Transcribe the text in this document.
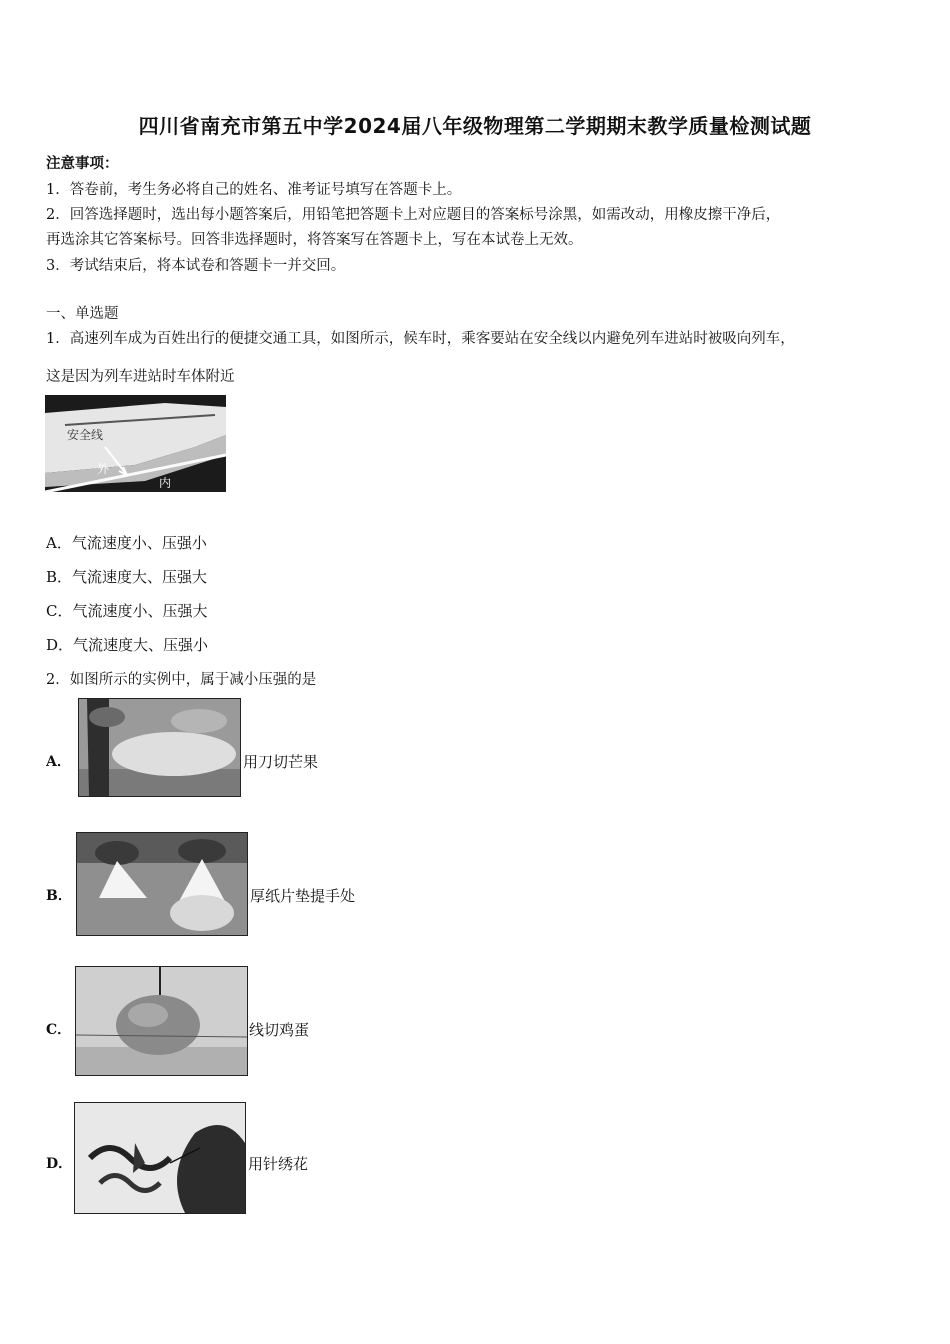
四川省南充市第五中学2024届八年级物理第二学期期末教学质量检测试题
注意事项：
1．答卷前，考生务必将自己的姓名、准考证号填写在答题卡上。
2．回答选择题时，选出每小题答案后，用铅笔把答题卡上对应题目的答案标号涂黑，如需改动，用橡皮擦干净后，
再选涂其它答案标号。回答非选择题时，将答案写在答题卡上，写在本试卷上无效。
3．考试结束后，将本试卷和答题卡一并交回。
一、单选题
1．高速列车成为百姓出行的便捷交通工具，如图所示，候车时，乘客要站在安全线以内避免列车进站时被吸向列车，
这是因为列车进站时车体附近
安全线
外
内
A．气流速度小、压强小
B．气流速度大、压强大
C．气流速度小、压强大
D．气流速度大、压强小
2．如图所示的实例中，属于减小压强的是
A．	用刀切芒果
B．	厚纸片垫提手处
C．	线切鸡蛋
D．	用针绣花
